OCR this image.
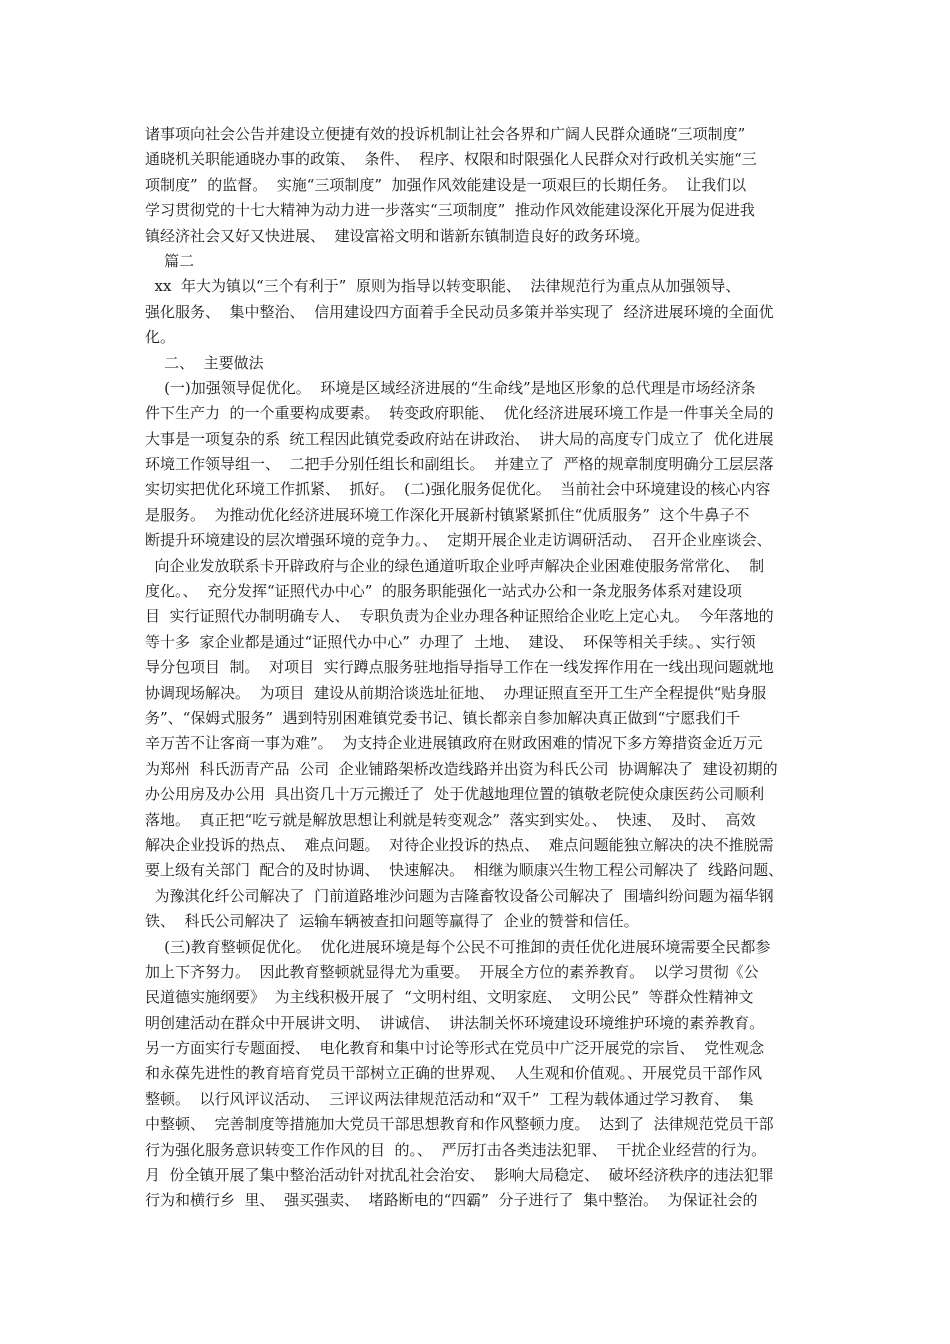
诸事项向社会公告并建设立便捷有效的投诉机制让社会各界和广阔人民群众通晓“三项制度”
通晓机关职能通晓办事的政策、  条件、  程序、权限和时限强化人民群众对行政机关实施“三
项制度”  的监督。  实施“三项制度”  加强作风效能建设是一项艰巨的长期任务。  让我们以
学习贯彻党的十七大精神为动力进一步落实“三项制度”  推动作风效能建设深化开展为促进我
镇经济社会又好又快进展、  建设富裕文明和谐新东镇制造良好的政务环境。
篇二
xx  年大为镇以“三个有利于”  原则为指导以转变职能、  法律规范行为重点从加强领导、
强化服务、  集中整治、  信用建设四方面着手全民动员多策并举实现了  经济进展环境的全面优
化。
二、  主要做法
(一)加强领导促优化。  环境是区域经济进展的“生命线”是地区形象的总代理是市场经济条
件下生产力  的一个重要构成要素。  转变政府职能、  优化经济进展环境工作是一件事关全局的
大事是一项复杂的系  统工程因此镇党委政府站在讲政治、  讲大局的高度专门成立了  优化进展
环境工作领导组一、  二把手分别任组长和副组长。  并建立了  严格的规章制度明确分工层层落
实切实把优化环境工作抓紧、  抓好。  (二)强化服务促优化。  当前社会中环境建设的核心内容
是服务。  为推动优化经济进展环境工作深化开展新村镇紧紧抓住“优质服务”  这个牛鼻子不
断提升环境建设的层次增强环境的竞争力。、  定期开展企业走访调研活动、  召开企业座谈会、
向企业发放联系卡开辟政府与企业的绿色通道听取企业呼声解决企业困难使服务常常化、  制
度化。、  充分发挥“证照代办中心”  的服务职能强化一站式办公和一条龙服务体系对建设项
目  实行证照代办制明确专人、  专职负责为企业办理各种证照给企业吃上定心丸。  今年落地的
等十多  家企业都是通过“证照代办中心”  办理了  土地、  建设、  环保等相关手续。、实行领
导分包项目  制。  对项目  实行蹲点服务驻地指导指导工作在一线发挥作用在一线出现问题就地
协调现场解决。  为项目  建设从前期洽谈选址征地、  办理证照直至开工生产全程提供“贴身服
务”、“保姆式服务”  遇到特别困难镇党委书记、镇长都亲自参加解决真正做到“宁愿我们千
辛万苦不让客商一事为难”。  为支持企业进展镇政府在财政困难的情况下多方筹措资金近万元
为郑州  科氏沥青产品  公司  企业铺路架桥改造线路并出资为科氏公司  协调解决了  建设初期的
办公用房及办公用  具出资几十万元搬迁了  处于优越地理位置的镇敬老院使众康医药公司顺利
落地。  真正把“吃亏就是解放思想让利就是转变观念”  落实到实处。、  快速、  及时、  高效
解决企业投诉的热点、  难点问题。  对待企业投诉的热点、  难点问题能独立解决的决不推脱需
要上级有关部门  配合的及时协调、  快速解决。  相继为顺康兴生物工程公司解决了  线路问题、
为豫淇化纤公司解决了  门前道路堆沙问题为吉隆畜牧设备公司解决了  围墙纠纷问题为福华钢
铁、  科氏公司解决了  运输车辆被查扣问题等赢得了  企业的赞誉和信任。
(三)教育整顿促优化。  优化进展环境是每个公民不可推卸的责任优化进展环境需要全民都参
加上下齐努力。  因此教育整顿就显得尤为重要。  开展全方位的素养教育。  以学习贯彻《公
民道德实施纲要》  为主线积极开展了  “文明村组、文明家庭、  文明公民”  等群众性精神文
明创建活动在群众中开展讲文明、  讲诚信、  讲法制关怀环境建设环境维护环境的素养教育。
另一方面实行专题面授、  电化教育和集中讨论等形式在党员中广泛开展党的宗旨、  党性观念
和永葆先进性的教育培育党员干部树立正确的世界观、  人生观和价值观。、开展党员干部作风
整顿。  以行风评议活动、  三评议两法律规范活动和“双千”  工程为载体通过学习教育、  集
中整顿、  完善制度等措施加大党员干部思想教育和作风整顿力度。  达到了  法律规范党员干部
行为强化服务意识转变工作作风的目  的。、  严厉打击各类违法犯罪、  干扰企业经营的行为。
月  份全镇开展了集中整治活动针对扰乱社会治安、  影响大局稳定、  破坏经济秩序的违法犯罪
行为和横行乡  里、  强买强卖、  堵路断电的“四霸”  分子进行了  集中整治。  为保证社会的
